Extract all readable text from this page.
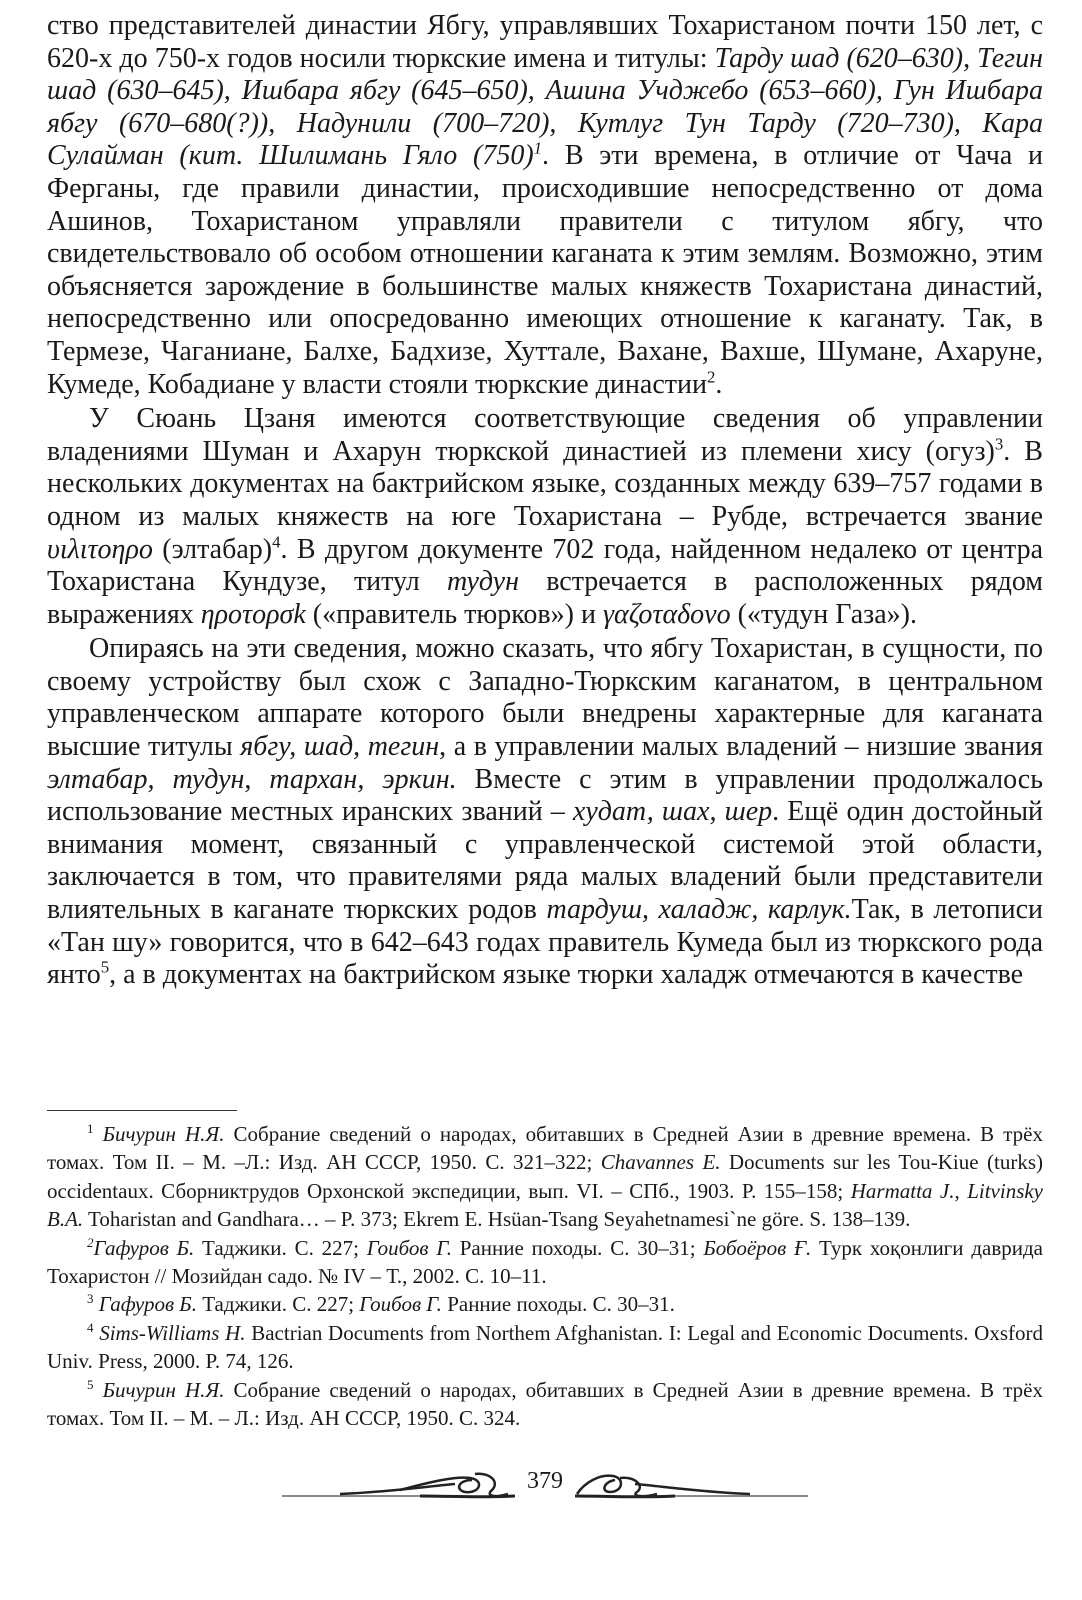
ство представителей династии Ябгу, управлявших Тохаристаном почти 150 лет, с 620-х до 750-х годов носили тюркские имена и титулы: Тарду шад (620–630), Тегин шад (630–645), Ишбара ябгу (645–650), Ашина Учджебо (653–660), Гун Ишбара ябгу (670–680(?)), Надунили (700–720), Кутлуг Тун Тарду (720–730), Кара Сулайман (кит. Шилимань Гяло $(750)^1$. В эти времена, в отличие от Чача и Ферганы, где правили династии, происходившие непосредственно от дома Ашинов, Тохаристаном управляли правители с титулом ябгу, что свидетельствовало об особом отношении каганата к этим землям. Возможно, этим объясняется зарождение в большинстве малых княжеств Тохаристана династий, непосредственно или опосредованно имеющих отношение к каганату. Так, в Термезе, Чаганиане, Балхе, Бадхизе, Хуттале, Вахане, Вахше, Шумане, Ахаруне, Кумеде, Кобадиане у власти стояли тюркские династии$^2$.

У Сюань Цзаня имеются соответствующие сведения об управлении владениями Шуман и Ахарун тюркской династией из племени хису (огуз)$^3$. В нескольких документах на бактрийском языке, созданных между 639–757 годами в одном из малых княжеств на юге Тохаристана – Рубде, встречается звание υιλιτοηρο (элтабар)$^4$. В другом документе 702 года, найденном недалеко от центра Тохаристана Кундузе, титул тудун встречается в расположенных рядом выражениях ηροτορσk («правитель тюрков») и γαζοταδονο («тудун Газа»).

Опираясь на эти сведения, можно сказать, что ябгу Тохаристан, в сущности, по своему устройству был схож с Западно-Тюркским каганатом, в центральном управленческом аппарате которого были внедрены характерные для каганата высшие титулы ябгу, шад, тегин, а в управлении малых владений – низшие звания элтабар, тудун, тархан, эркин. Вместе с этим в управлении продолжалось использование местных иранских званий – худат, шах, шер. Ещё один достойный внимания момент, связанный с управленческой системой этой области, заключается в том, что правителями ряда малых владений были представители влиятельных в каганате тюркских родов тардуш, халадж, карлук.Так, в летописи «Тан шу» говорится, что в 642–643 годах правитель Кумеда был из тюркского рода янто$^5$, а в документах на бактрийском языке тюрки халадж отмечаются в качестве

$^1$ Бичурин Н.Я. Собрание сведений о народах, обитавших в Средней Азии в древние времена. В трёх томах. Том II. – М. –Л.: Изд. АН СССР, 1950. С. 321–322; Chavannes E. Documents sur les Tou-Kiue (turks) occidentaux. Сборниктрудов Орхонской экспедиции, вып. VI. – СПб., 1903. P. 155–158; Harmatta J., Litvinsky B.A. Toharistan and Gandhara… – P. 373; Ekrem E. Hsüan-Tsang Seyahetnamesi`ne göre. S. 138–139.

$^2$Гафуров Б. Таджики. С. 227; Гоибов Г. Ранние походы. С. 30–31; Бобоёров Ғ. Турк хоқонлиги даврида Тохаристон // Мозийдан садо. № IV – Т., 2002. С. 10–11.

$^3$ Гафуров Б. Таджики. С. 227; Гоибов Г. Ранние походы. С. 30–31.

$^4$ Sims-Williams H. Bactrian Documents from Northem Afghanistan. I: Legal and Economic Documents. Oxsford Univ. Press, 2000. P. 74, 126.

$^5$ Бичурин Н.Я. Собрание сведений о народах, обитавших в Средней Азии в древние времена. В трёх томах. Том II. – М. – Л.: Изд. АН СССР, 1950. С. 324.

379
